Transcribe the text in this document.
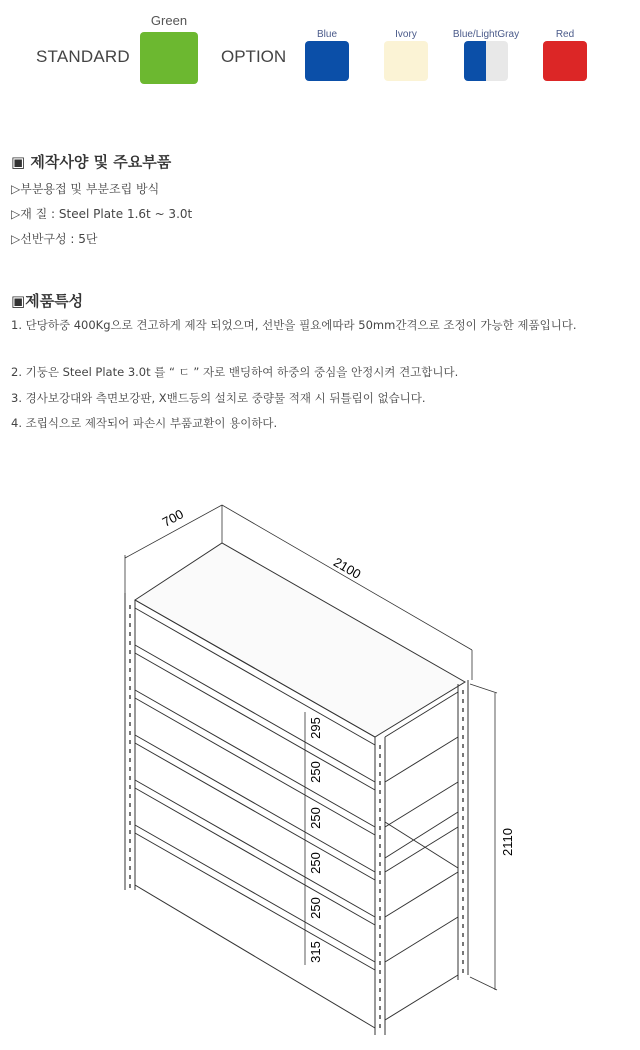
STANDARD
Green
OPTION
Blue	Ivory	Blue/LightGray	Red
▣ 제작사양 및 주요부품
▷부분용접 및 부분조립 방식
▷재 질 : Steel Plate 1.6t ~ 3.0t
▷선반구성 : 5단
▣제품특성
1. 단당하중 400Kg으로 견고하게 제작 되었으며, 선반을 필요에따라 50mm간격으로 조정이 가능한 제품입니다.
2. 기둥은 Steel Plate 3.0t 를 “ ㄷ ” 자로 밴딩하여 하중의 중심을 안정시켜 견고합니다.
3. 경사보강대와 측면보강판, X밴드등의 설치로 중량물 적재 시 뒤틀림이 없습니다.
4. 조립식으로 제작되어 파손시 부품교환이 용이하다.
700
2100
2110
295
250
250
250
250
315
